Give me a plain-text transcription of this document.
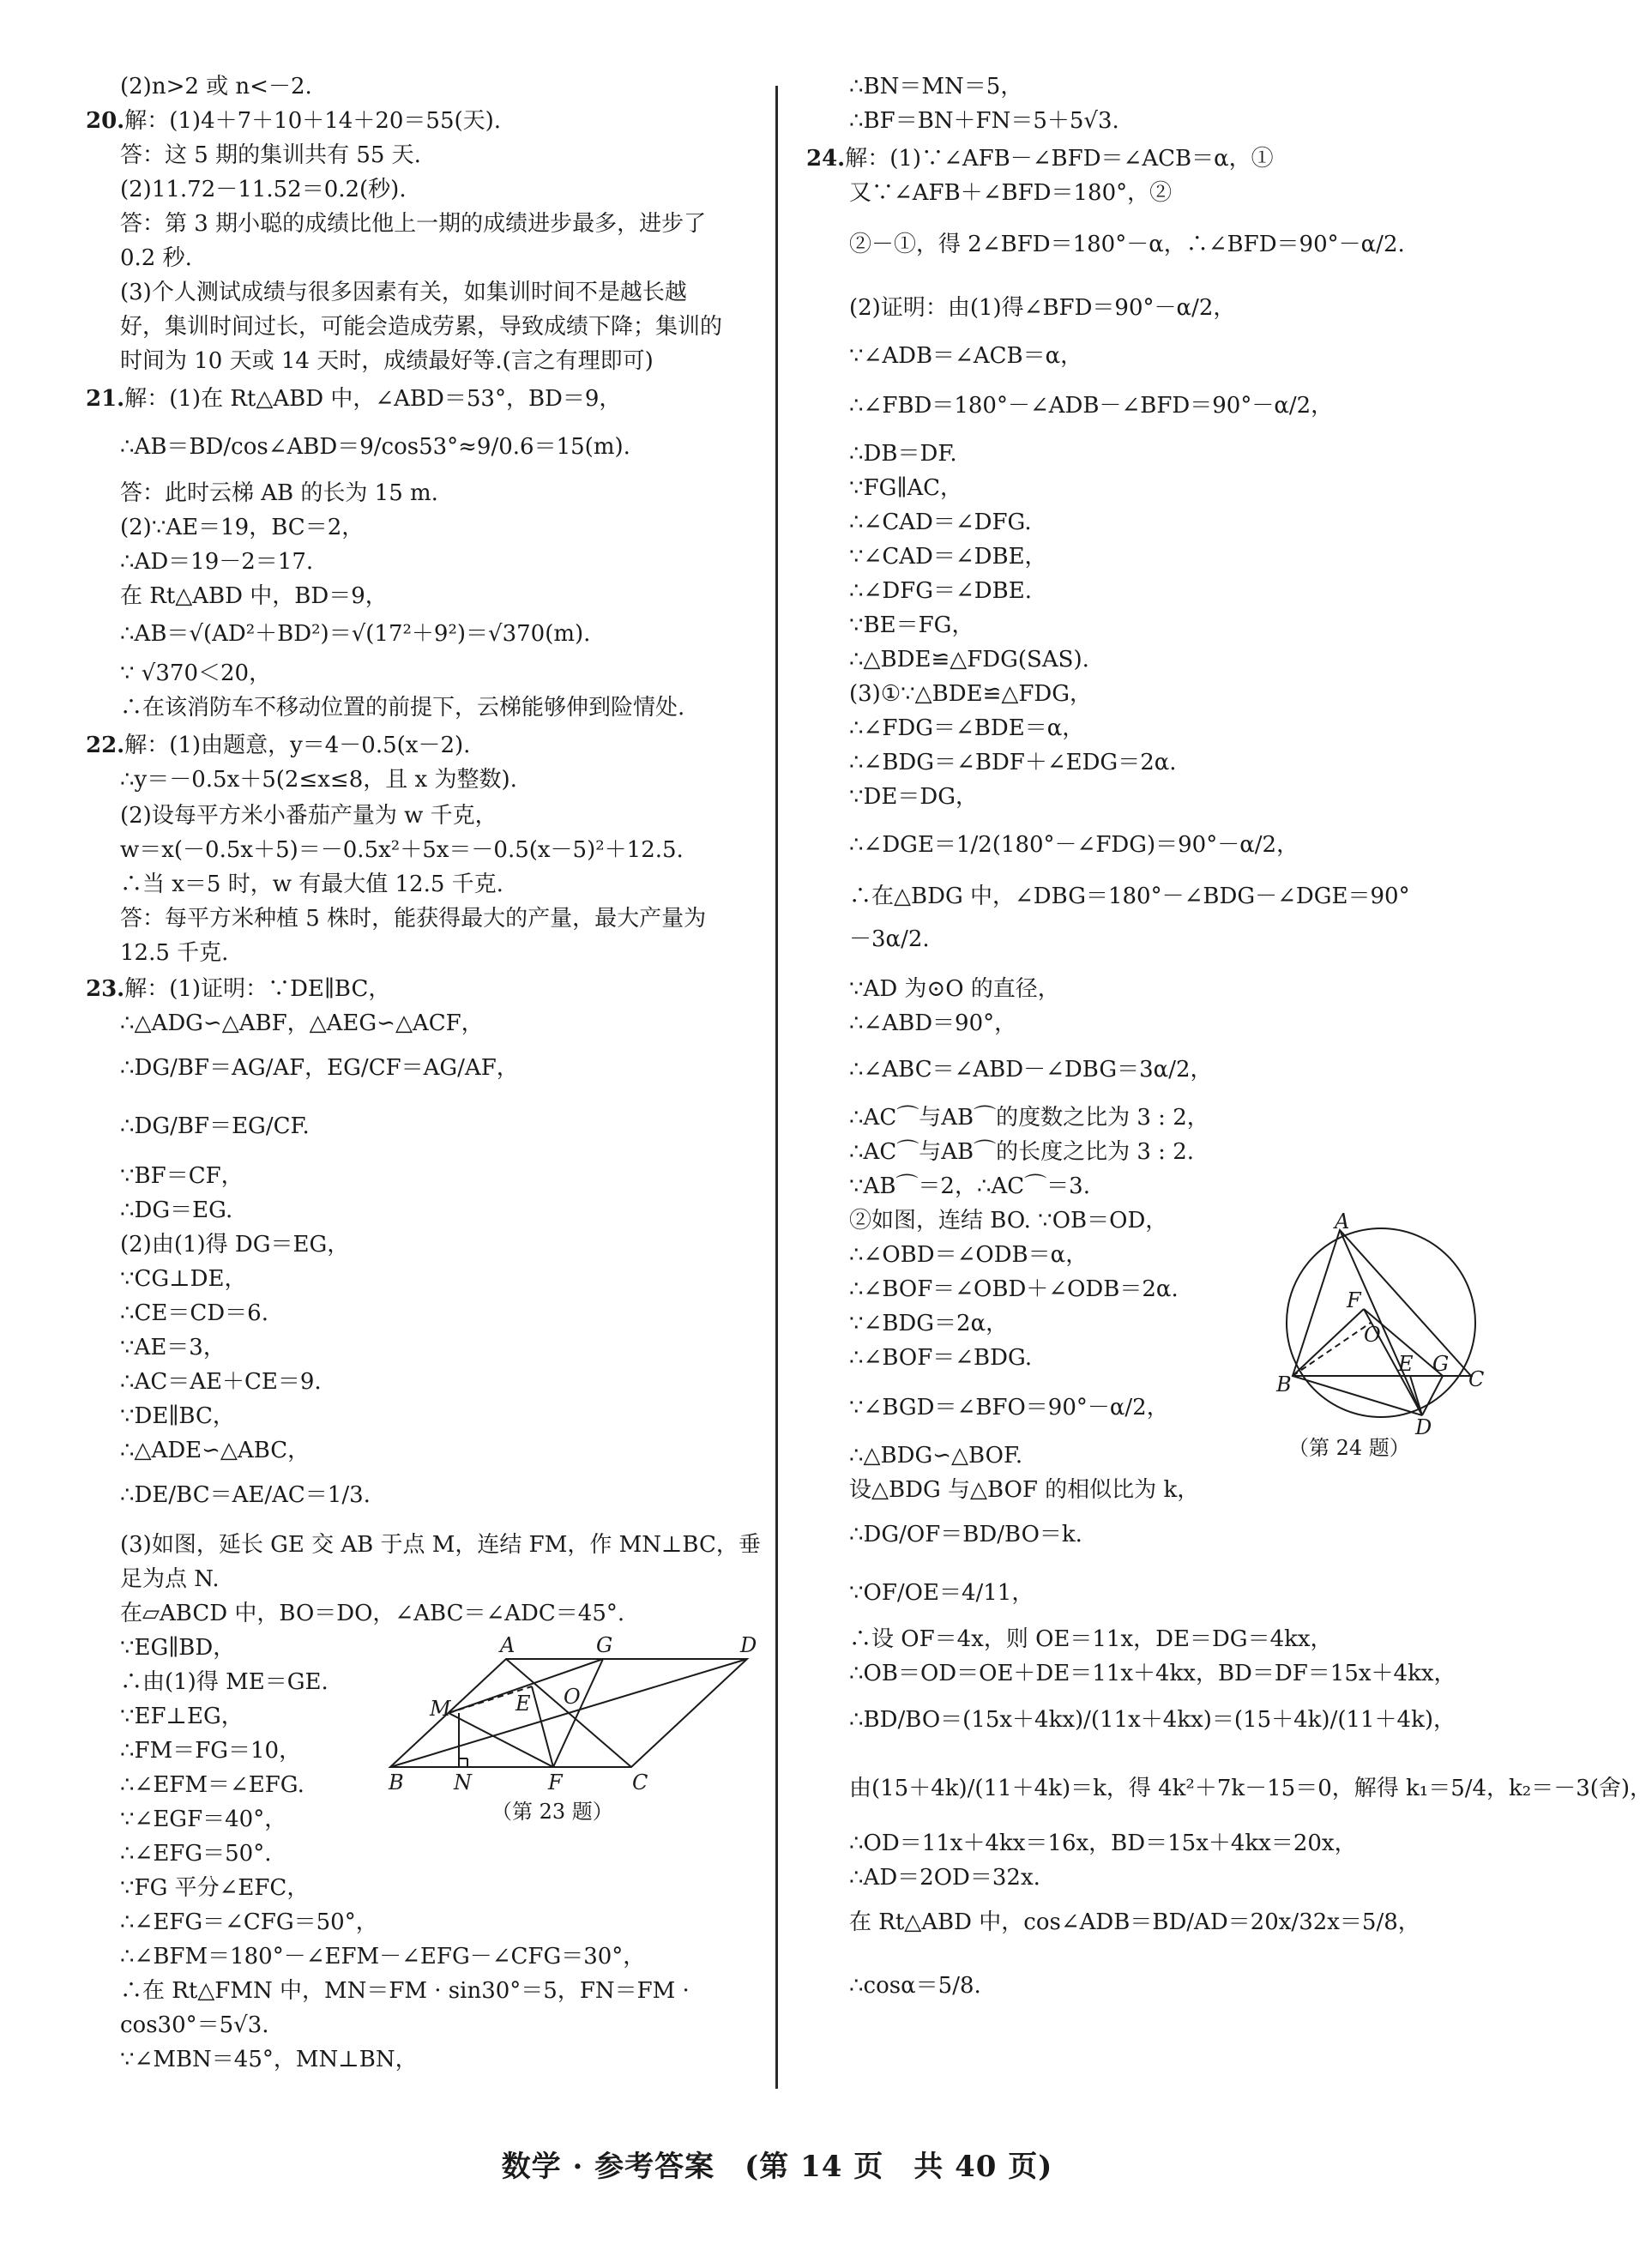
(2)n>2 或 n<－2.
20.解：(1)4＋7＋10＋14＋20＝55(天).
答：这 5 期的集训共有 55 天.
(2)11.72－11.52＝0.2(秒).
答：第 3 期小聪的成绩比他上一期的成绩进步最多，进步了
0.2 秒.
(3)个人测试成绩与很多因素有关，如集训时间不是越长越
好，集训时间过长，可能会造成劳累，导致成绩下降；集训的
时间为 10 天或 14 天时，成绩最好等.(言之有理即可)
21.解：(1)在 Rt△ABD 中，∠ABD＝53°，BD＝9，
∴AB＝BD/cos∠ABD＝9/cos53°≈9/0.6＝15(m).
答：此时云梯 AB 的长为 15 m.
(2)∵AE＝19，BC＝2，
∴AD＝19－2＝17.
在 Rt△ABD 中，BD＝9，
∴AB＝√(AD²＋BD²)＝√(17²＋9²)＝√370(m).
∵ √370＜20，
∴在该消防车不移动位置的前提下，云梯能够伸到险情处.
22.解：(1)由题意，y＝4－0.5(x－2).
∴y＝－0.5x＋5(2≤x≤8，且 x 为整数).
(2)设每平方米小番茄产量为 w 千克，
w＝x(－0.5x＋5)＝－0.5x²＋5x＝－0.5(x－5)²＋12.5.
∴当 x＝5 时，w 有最大值 12.5 千克.
答：每平方米种植 5 株时，能获得最大的产量，最大产量为
12.5 千克.
23.解：(1)证明：∵DE∥BC，
∴△ADG∽△ABF，△AEG∽△ACF，
∴DG/BF＝AG/AF，EG/CF＝AG/AF，
∴DG/BF＝EG/CF.
∵BF＝CF，
∴DG＝EG.
(2)由(1)得 DG＝EG，
∵CG⊥DE，
∴CE＝CD＝6.
∵AE＝3，
∴AC＝AE＋CE＝9.
∵DE∥BC，
∴△ADE∽△ABC，
∴DE/BC＝AE/AC＝1/3.
(3)如图，延长 GE 交 AB 于点 M，连结 FM，作 MN⊥BC，垂
足为点 N.
在▱ABCD 中，BO＝DO，∠ABC＝∠ADC＝45°.
∵EG∥BD，
∴由(1)得 ME＝GE.
∵EF⊥EG，
∴FM＝FG＝10，
∴∠EFM＝∠EFG.
∵∠EGF＝40°，
∴∠EFG＝50°.
∵FG 平分∠EFC，
∴∠EFG＝∠CFG＝50°，
∴∠BFM＝180°－∠EFM－∠EFG－∠CFG＝30°，
∴在 Rt△FMN 中，MN＝FM · sin30°＝5，FN＝FM ·
cos30°＝5√3.
∵∠MBN＝45°，MN⊥BN，
∴BN＝MN＝5，
∴BF＝BN＋FN＝5＋5√3.
24.解：(1)∵∠AFB－∠BFD＝∠ACB＝α，①
又∵∠AFB＋∠BFD＝180°，②
②－①，得 2∠BFD＝180°－α，∴∠BFD＝90°－α/2.
(2)证明：由(1)得∠BFD＝90°－α/2，
∵∠ADB＝∠ACB＝α，
∴∠FBD＝180°－∠ADB－∠BFD＝90°－α/2，
∴DB＝DF.
∵FG∥AC，
∴∠CAD＝∠DFG.
∵∠CAD＝∠DBE，
∴∠DFG＝∠DBE.
∵BE＝FG，
∴△BDE≌△FDG(SAS).
(3)①∵△BDE≌△FDG，
∴∠FDG＝∠BDE＝α，
∴∠BDG＝∠BDF＋∠EDG＝2α.
∵DE＝DG，
∴∠DGE＝1/2(180°－∠FDG)＝90°－α/2，
∴在△BDG 中，∠DBG＝180°－∠BDG－∠DGE＝90°
－3α/2.
∵AD 为⊙O 的直径，
∴∠ABD＝90°，
∴∠ABC＝∠ABD－∠DBG＝3α/2，
∴AC⌒与AB⌒的度数之比为 3 : 2，
∴AC⌒与AB⌒的长度之比为 3 : 2.
∵AB⌒＝2，∴AC⌒＝3.
②如图，连结 BO. ∵OB＝OD，
∴∠OBD＝∠ODB＝α，
∴∠BOF＝∠OBD＋∠ODB＝2α.
∵∠BDG＝2α，
∴∠BOF＝∠BDG.
∵∠BGD＝∠BFO＝90°－α/2，
∴△BDG∽△BOF.
设△BDG 与△BOF 的相似比为 k，
∴DG/OF＝BD/BO＝k.
∵OF/OE＝4/11，
∴设 OF＝4x，则 OE＝11x，DE＝DG＝4kx，
∴OB＝OD＝OE＋DE＝11x＋4kx，BD＝DF＝15x＋4kx，
∴BD/BO＝(15x＋4kx)/(11x＋4kx)＝(15＋4k)/(11＋4k)，
由(15＋4k)/(11＋4k)＝k，得 4k²＋7k－15＝0，解得 k₁＝5/4，k₂＝－3(舍)，
∴OD＝11x＋4kx＝16x，BD＝15x＋4kx＝20x，
∴AD＝2OD＝32x.
在 Rt△ABD 中，cos∠ADB＝BD/AD＝20x/32x＝5/8，
∴cosα＝5/8.
A	G	D
M	E O
B N	F	C
（第 23 题）
A
F
O
B
E G
C
D
（第 24 题）
数学 · 参考答案　(第 14 页　共 40 页)
